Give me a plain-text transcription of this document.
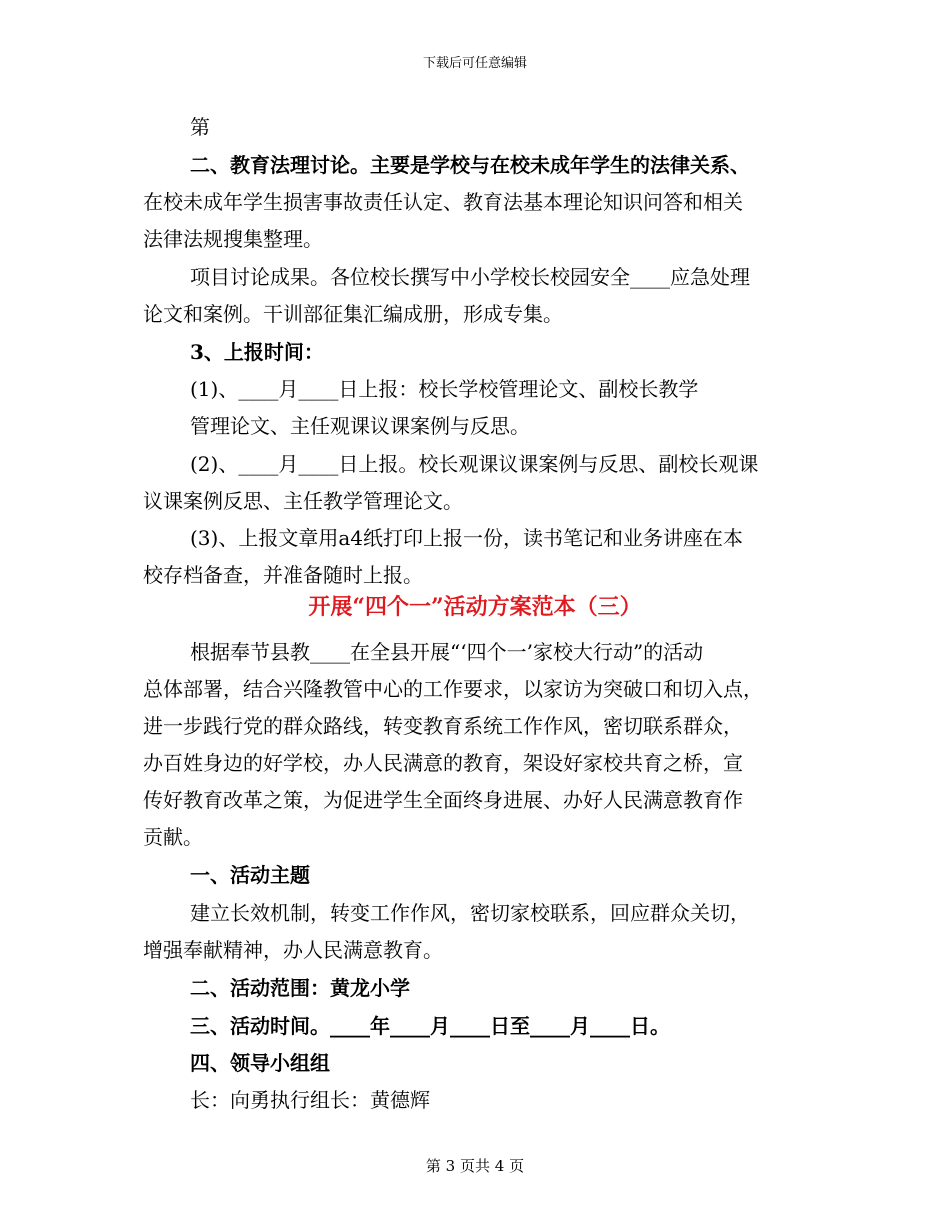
下载后可任意编辑
第
二、教育法理讨论。主要是学校与在校未成年学生的法律关系、
在校未成年学生损害事故责任认定、教育法基本理论知识问答和相关
法律法规搜集整理。
项目讨论成果。各位校长撰写中小学校长校园安全____应急处理
论文和案例。干训部征集汇编成册，形成专集。
3、上报时间：
(1)、____月____日上报：校长学校管理论文、副校长教学
管理论文、主任观课议课案例与反思。
(2)、____月____日上报。校长观课议课案例与反思、副校长观课
议课案例反思、主任教学管理论文。
(3)、上报文章用a4纸打印上报一份，读书笔记和业务讲座在本
校存档备查，并准备随时上报。
开展“四个一”活动方案范本（三）
根据奉节县教____在全县开展“‘四个一’家校大行动”的活动
总体部署，结合兴隆教管中心的工作要求，以家访为突破口和切入点，
进一步践行党的群众路线，转变教育系统工作作风，密切联系群众，
办百姓身边的好学校，办人民满意的教育，架设好家校共育之桥，宣
传好教育改革之策，为促进学生全面终身进展、办好人民满意教育作
贡献。
一、活动主题
建立长效机制，转变工作作风，密切家校联系，回应群众关切，
增强奉献精神，办人民满意教育。
二、活动范围：黄龙小学
三、活动时间。____年____月____日至____月____日。
四、领导小组组
长：向勇执行组长：黄德辉
第 3 页共 4 页
